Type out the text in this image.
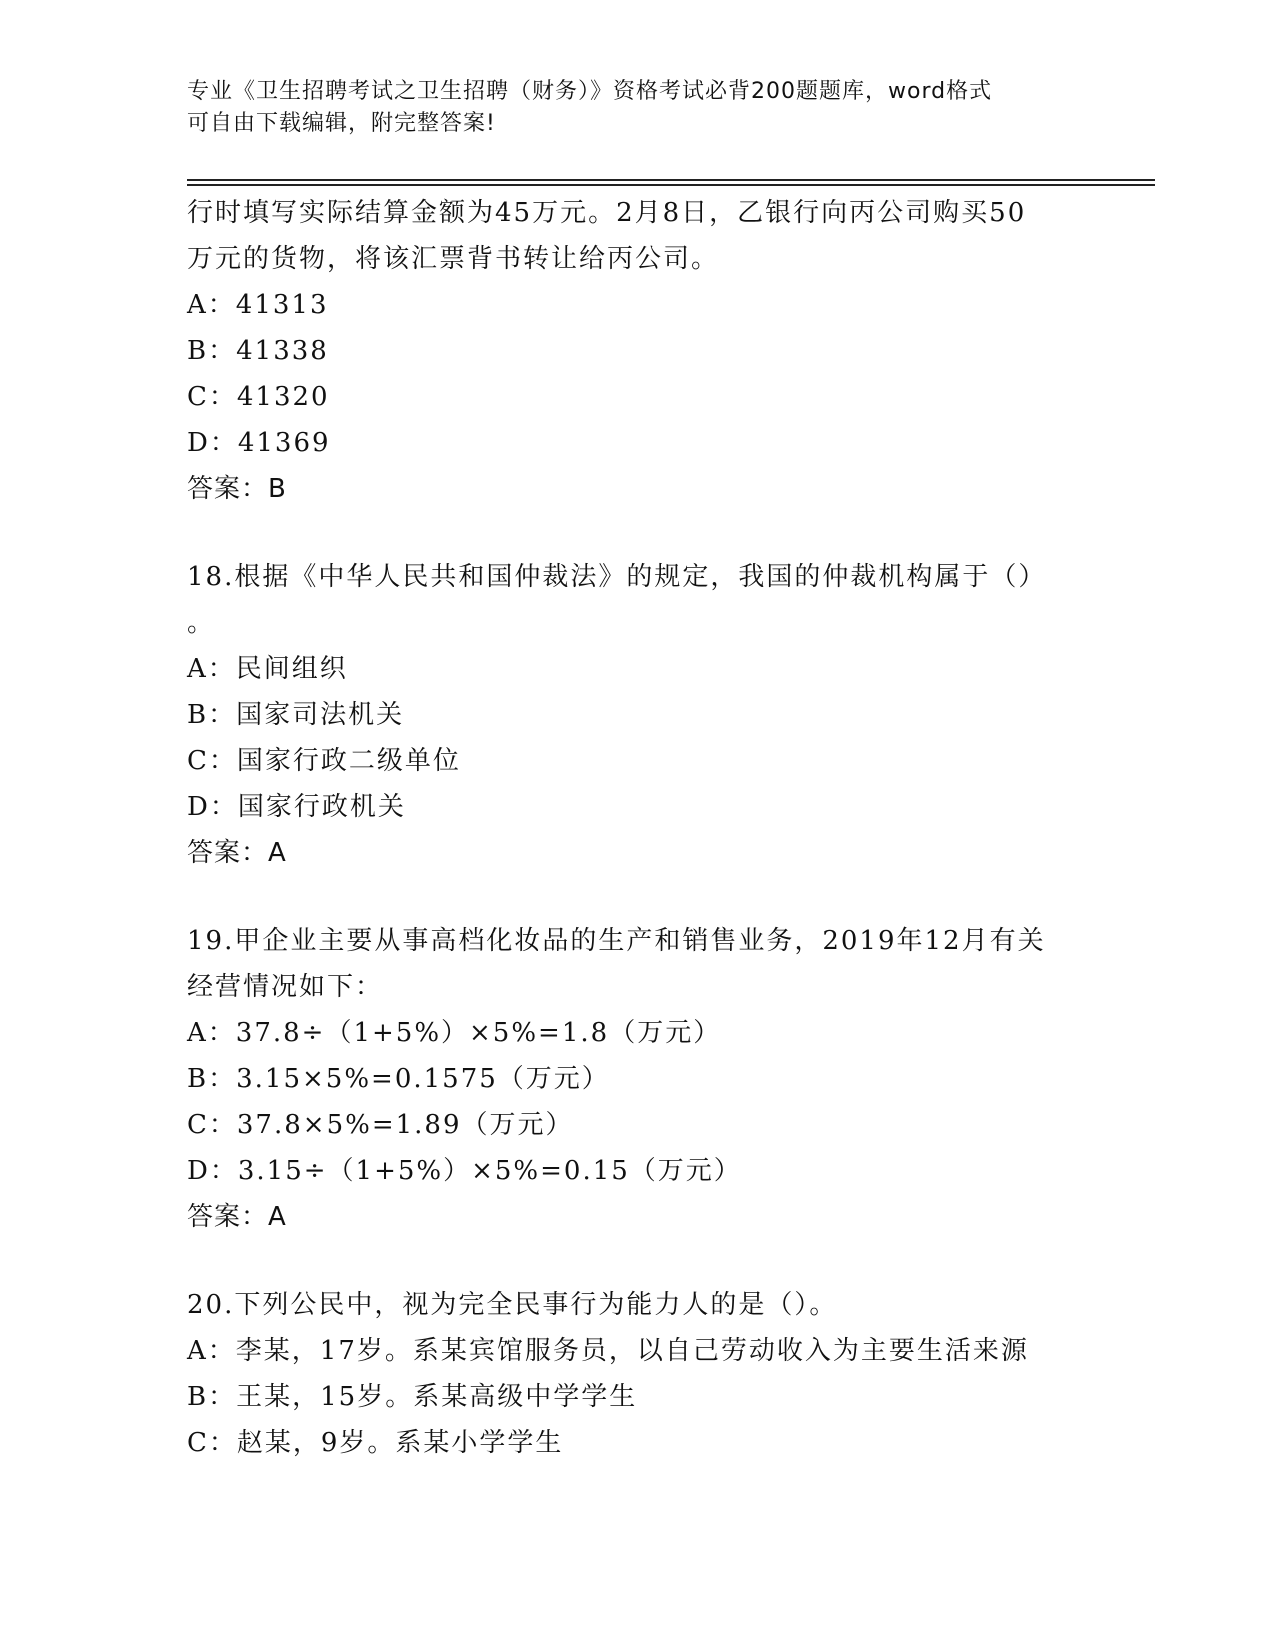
专业《卫生招聘考试之卫生招聘（财务）》资格考试必背200题题库，word格式
可自由下载编辑，附完整答案!
行时填写实际结算金额为45万元。2月8日，乙银行向丙公司购买50
万元的货物，将该汇票背书转让给丙公司。
A：41313
B：41338
C：41320
D：41369
答案：B
18.根据《中华人民共和国仲裁法》的规定，我国的仲裁机构属于（）
。
A：民间组织
B：国家司法机关
C：国家行政二级单位
D：国家行政机关
答案：A
19.甲企业主要从事高档化妆品的生产和销售业务，2019年12月有关
经营情况如下：
A：37.8÷（1+5%）×5%=1.8（万元）
B：3.15×5%=0.1575（万元）
C：37.8×5%=1.89（万元）
D：3.15÷（1+5%）×5%=0.15（万元）
答案：A
20.下列公民中，视为完全民事行为能力人的是（）。
A：李某，17岁。系某宾馆服务员，以自己劳动收入为主要生活来源
B：王某，15岁。系某高级中学学生
C：赵某，9岁。系某小学学生
